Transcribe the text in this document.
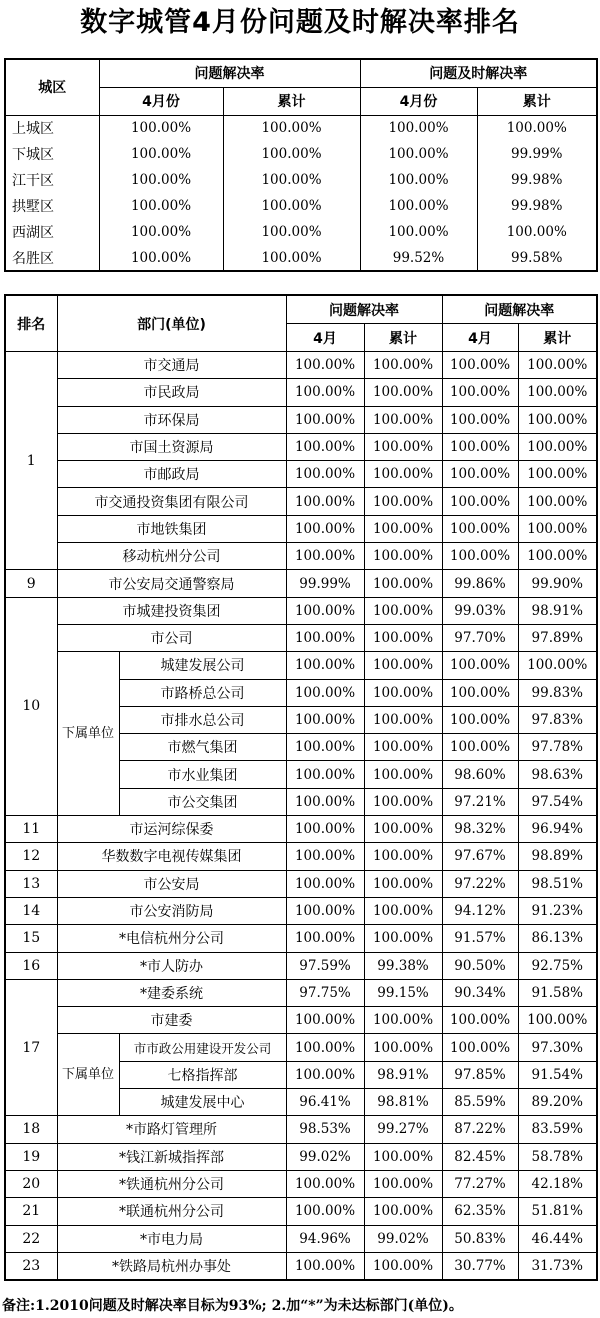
数字城管4月份问题及时解决率排名
城区	问题解决率		问题及时解决率	
	4月份	累计	4月份	累计
上城区	100.00%	100.00%	100.00%	100.00%
下城区	100.00%	100.00%	100.00%	99.99%
江干区	100.00%	100.00%	100.00%	99.98%
拱墅区	100.00%	100.00%	100.00%	99.98%
西湖区	100.00%	100.00%	100.00%	100.00%
名胜区	100.00%	100.00%	99.52%	99.58%
排名	部门(单位)		问题解决率		问题解决率	
			4月	累计	4月	累计
1	市交通局		100.00%	100.00%	100.00%	100.00%
	市民政局		100.00%	100.00%	100.00%	100.00%
	市环保局		100.00%	100.00%	100.00%	100.00%
	市国土资源局		100.00%	100.00%	100.00%	100.00%
	市邮政局		100.00%	100.00%	100.00%	100.00%
	市交通投资集团有限公司		100.00%	100.00%	100.00%	100.00%
	市地铁集团		100.00%	100.00%	100.00%	100.00%
	移动杭州分公司		100.00%	100.00%	100.00%	100.00%
9	市公安局交通警察局		99.99%	100.00%	99.86%	99.90%
10	市城建投资集团		100.00%	100.00%	99.03%	98.91%
	市公司		100.00%	100.00%	97.70%	97.89%
	下属单位	城建发展公司	100.00%	100.00%	100.00%	100.00%
		市路桥总公司	100.00%	100.00%	100.00%	99.83%
		市排水总公司	100.00%	100.00%	100.00%	97.83%
		市燃气集团	100.00%	100.00%	100.00%	97.78%
		市水业集团	100.00%	100.00%	98.60%	98.63%
		市公交集团	100.00%	100.00%	97.21%	97.54%
11	市运河综保委		100.00%	100.00%	98.32%	96.94%
12	华数数字电视传媒集团		100.00%	100.00%	97.67%	98.89%
13	市公安局		100.00%	100.00%	97.22%	98.51%
14	市公安消防局		100.00%	100.00%	94.12%	91.23%
15	*电信杭州分公司		100.00%	100.00%	91.57%	86.13%
16	*市人防办		97.59%	99.38%	90.50%	92.75%
17	*建委系统		97.75%	99.15%	90.34%	91.58%
	市建委		100.00%	100.00%	100.00%	100.00%
	下属单位	市市政公用建设开发公司	100.00%	100.00%	100.00%	97.30%
		七格指挥部	100.00%	98.91%	97.85%	91.54%
		城建发展中心	96.41%	98.81%	85.59%	89.20%
18	*市路灯管理所		98.53%	99.27%	87.22%	83.59%
19	*钱江新城指挥部		99.02%	100.00%	82.45%	58.78%
20	*铁通杭州分公司		100.00%	100.00%	77.27%	42.18%
21	*联通杭州分公司		100.00%	100.00%	62.35%	51.81%
22	*市电力局		94.96%	99.02%	50.83%	46.44%
23	*铁路局杭州办事处		100.00%	100.00%	30.77%	31.73%
备注:1.2010问题及时解决率目标为93%; 2.加“*”为未达标部门(单位)。
